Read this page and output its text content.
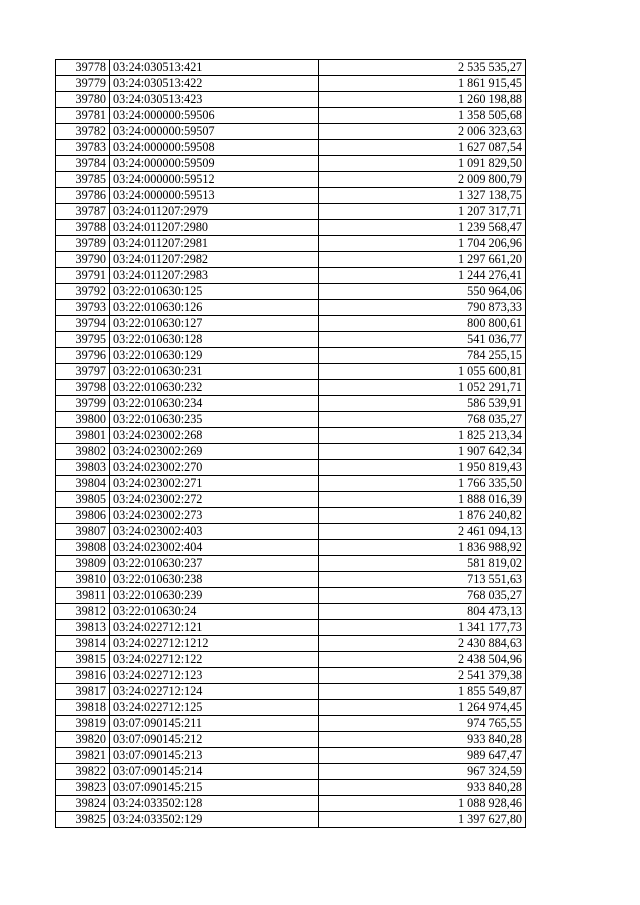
39778	03:24:030513:421	2 535 535,27
39779	03:24:030513:422	1 861 915,45
39780	03:24:030513:423	1 260 198,88
39781	03:24:000000:59506	1 358 505,68
39782	03:24:000000:59507	2 006 323,63
39783	03:24:000000:59508	1 627 087,54
39784	03:24:000000:59509	1 091 829,50
39785	03:24:000000:59512	2 009 800,79
39786	03:24:000000:59513	1 327 138,75
39787	03:24:011207:2979	1 207 317,71
39788	03:24:011207:2980	1 239 568,47
39789	03:24:011207:2981	1 704 206,96
39790	03:24:011207:2982	1 297 661,20
39791	03:24:011207:2983	1 244 276,41
39792	03:22:010630:125	550 964,06
39793	03:22:010630:126	790 873,33
39794	03:22:010630:127	800 800,61
39795	03:22:010630:128	541 036,77
39796	03:22:010630:129	784 255,15
39797	03:22:010630:231	1 055 600,81
39798	03:22:010630:232	1 052 291,71
39799	03:22:010630:234	586 539,91
39800	03:22:010630:235	768 035,27
39801	03:24:023002:268	1 825 213,34
39802	03:24:023002:269	1 907 642,34
39803	03:24:023002:270	1 950 819,43
39804	03:24:023002:271	1 766 335,50
39805	03:24:023002:272	1 888 016,39
39806	03:24:023002:273	1 876 240,82
39807	03:24:023002:403	2 461 094,13
39808	03:24:023002:404	1 836 988,92
39809	03:22:010630:237	581 819,02
39810	03:22:010630:238	713 551,63
39811	03:22:010630:239	768 035,27
39812	03:22:010630:24	804 473,13
39813	03:24:022712:121	1 341 177,73
39814	03:24:022712:1212	2 430 884,63
39815	03:24:022712:122	2 438 504,96
39816	03:24:022712:123	2 541 379,38
39817	03:24:022712:124	1 855 549,87
39818	03:24:022712:125	1 264 974,45
39819	03:07:090145:211	974 765,55
39820	03:07:090145:212	933 840,28
39821	03:07:090145:213	989 647,47
39822	03:07:090145:214	967 324,59
39823	03:07:090145:215	933 840,28
39824	03:24:033502:128	1 088 928,46
39825	03:24:033502:129	1 397 627,80
